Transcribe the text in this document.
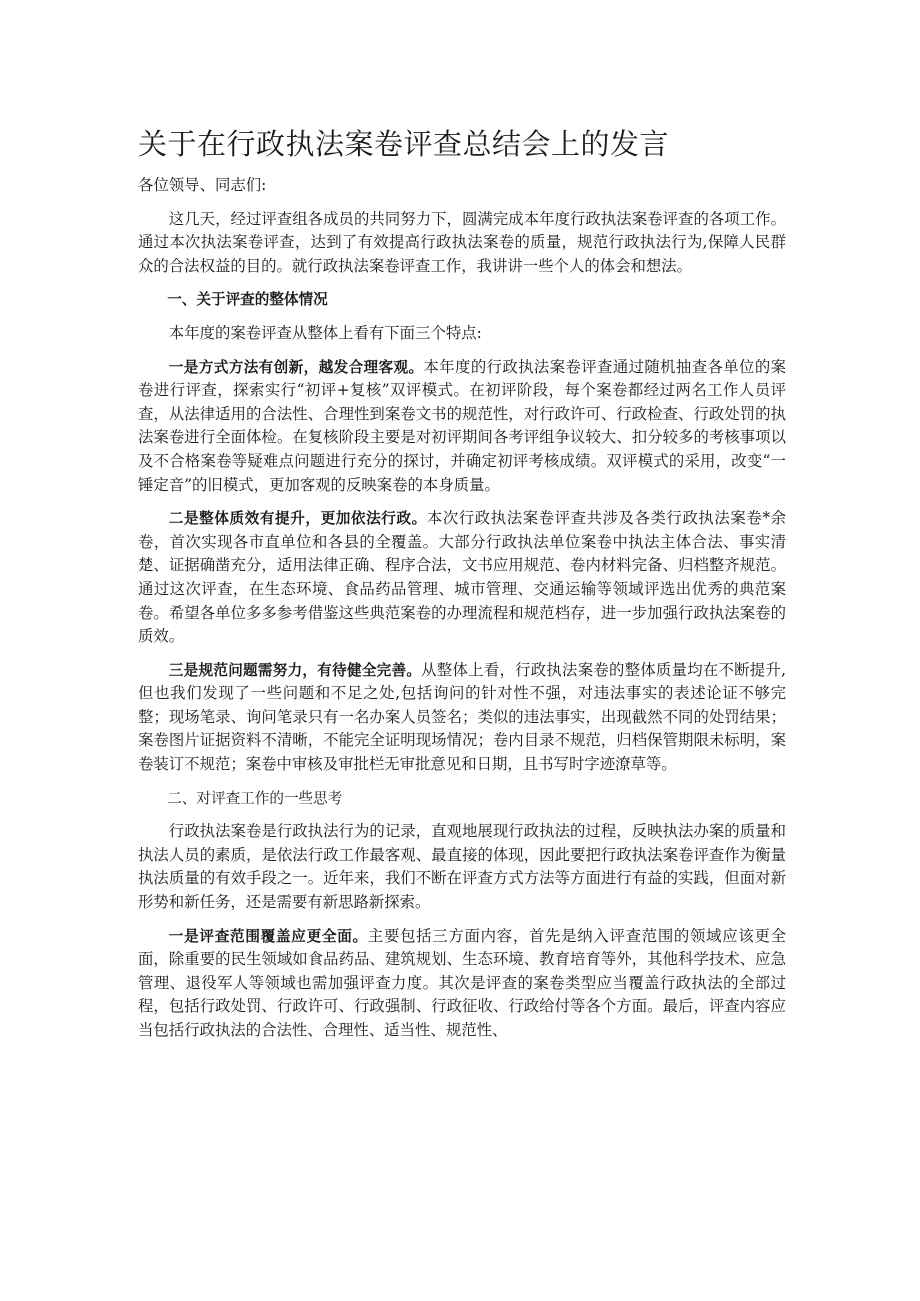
关于在行政执法案卷评查总结会上的发言

各位领导、同志们:

这几天，经过评查组各成员的共同努力下，圆满完成本年度行政执法案卷评查的各项工作。通过本次执法案卷评查，达到了有效提高行政执法案卷的质量，规范行政执法行为,保障人民群众的合法权益的目的。就行政执法案卷评查工作，我讲讲一些个人的体会和想法。

一、关于评查的整体情况

本年度的案卷评查从整体上看有下面三个特点:

一是方式方法有创新，越发合理客观。本年度的行政执法案卷评查通过随机抽查各单位的案卷进行评查，探索实行“初评+复核”双评模式。在初评阶段，每个案卷都经过两名工作人员评查，从法律适用的合法性、合理性到案卷文书的规范性，对行政许可、行政检查、行政处罚的执法案卷进行全面体检。在复核阶段主要是对初评期间各考评组争议较大、扣分较多的考核事项以及不合格案卷等疑难点问题进行充分的探讨，并确定初评考核成绩。双评模式的采用，改变“一锤定音”的旧模式，更加客观的反映案卷的本身质量。

二是整体质效有提升，更加依法行政。本次行政执法案卷评查共涉及各类行政执法案卷*余卷，首次实现各市直单位和各县的全覆盖。大部分行政执法单位案卷中执法主体合法、事实清楚、证据确凿充分，适用法律正确、程序合法，文书应用规范、卷内材料完备、归档整齐规范。通过这次评查，在生态环境、食品药品管理、城市管理、交通运输等领域评选出优秀的典范案卷。希望各单位多多参考借鉴这些典范案卷的办理流程和规范档存，进一步加强行政执法案卷的质效。

三是规范问题需努力，有待健全完善。从整体上看，行政执法案卷的整体质量均在不断提升,但也我们发现了一些问题和不足之处,包括询问的针对性不强，对违法事实的表述论证不够完整；现场笔录、询问笔录只有一名办案人员签名；类似的违法事实，出现截然不同的处罚结果；案卷图片证据资料不清晰，不能完全证明现场情况；卷内目录不规范，归档保管期限未标明，案卷装订不规范；案卷中审核及审批栏无审批意见和日期，且书写时字迹潦草等。

二、对评查工作的一些思考

行政执法案卷是行政执法行为的记录，直观地展现行政执法的过程，反映执法办案的质量和执法人员的素质，是依法行政工作最客观、最直接的体现，因此要把行政执法案卷评查作为衡量执法质量的有效手段之一。近年来，我们不断在评查方式方法等方面进行有益的实践，但面对新形势和新任务，还是需要有新思路新探索。

一是评查范围覆盖应更全面。主要包括三方面内容，首先是纳入评查范围的领域应该更全面，除重要的民生领域如食品药品、建筑规划、生态环境、教育培育等外，其他科学技术、应急管理、退役军人等领域也需加强评查力度。其次是评查的案卷类型应当覆盖行政执法的全部过程，包括行政处罚、行政许可、行政强制、行政征收、行政给付等各个方面。最后，评查内容应当包括行政执法的合法性、合理性、适当性、规范性、
